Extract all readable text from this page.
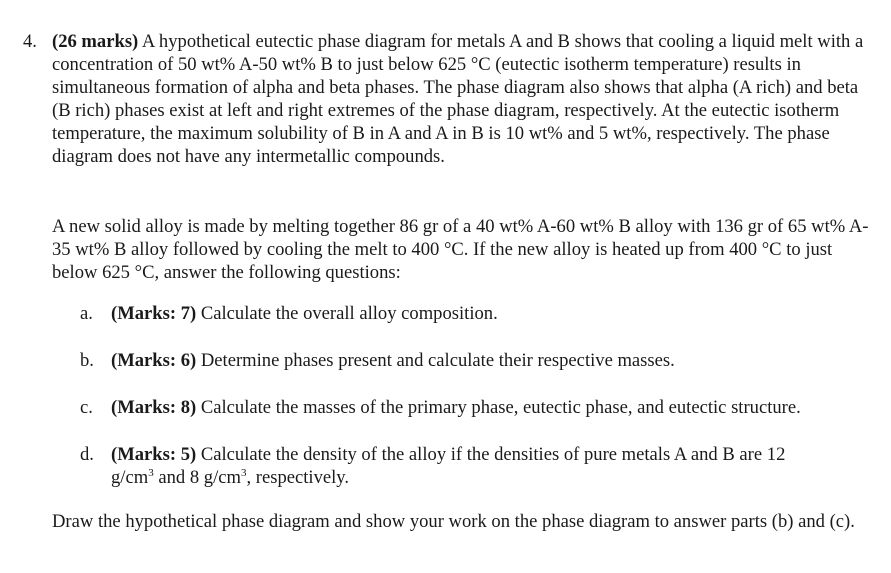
4. (26 marks) A hypothetical eutectic phase diagram for metals A and B shows that cooling a liquid melt with a concentration of 50 wt% A-50 wt% B to just below 625 °C (eutectic isotherm temperature) results in simultaneous formation of alpha and beta phases. The phase diagram also shows that alpha (A rich) and beta (B rich) phases exist at left and right extremes of the phase diagram, respectively. At the eutectic isotherm temperature, the maximum solubility of B in A and A in B is 10 wt% and 5 wt%, respectively. The phase diagram does not have any intermetallic compounds.
A new solid alloy is made by melting together 86 gr of a 40 wt% A-60 wt% B alloy with 136 gr of 65 wt% A-35 wt% B alloy followed by cooling the melt to 400 °C. If the new alloy is heated up from 400 °C to just below 625 °C, answer the following questions:
a. (Marks: 7) Calculate the overall alloy composition.
b. (Marks: 6) Determine phases present and calculate their respective masses.
c. (Marks: 8) Calculate the masses of the primary phase, eutectic phase, and eutectic structure.
d. (Marks: 5) Calculate the density of the alloy if the densities of pure metals A and B are 12
$g/cm^3$ and 8 $g/cm^3$, respectively.
Draw the hypothetical phase diagram and show your work on the phase diagram to answer parts (b) and (c).
